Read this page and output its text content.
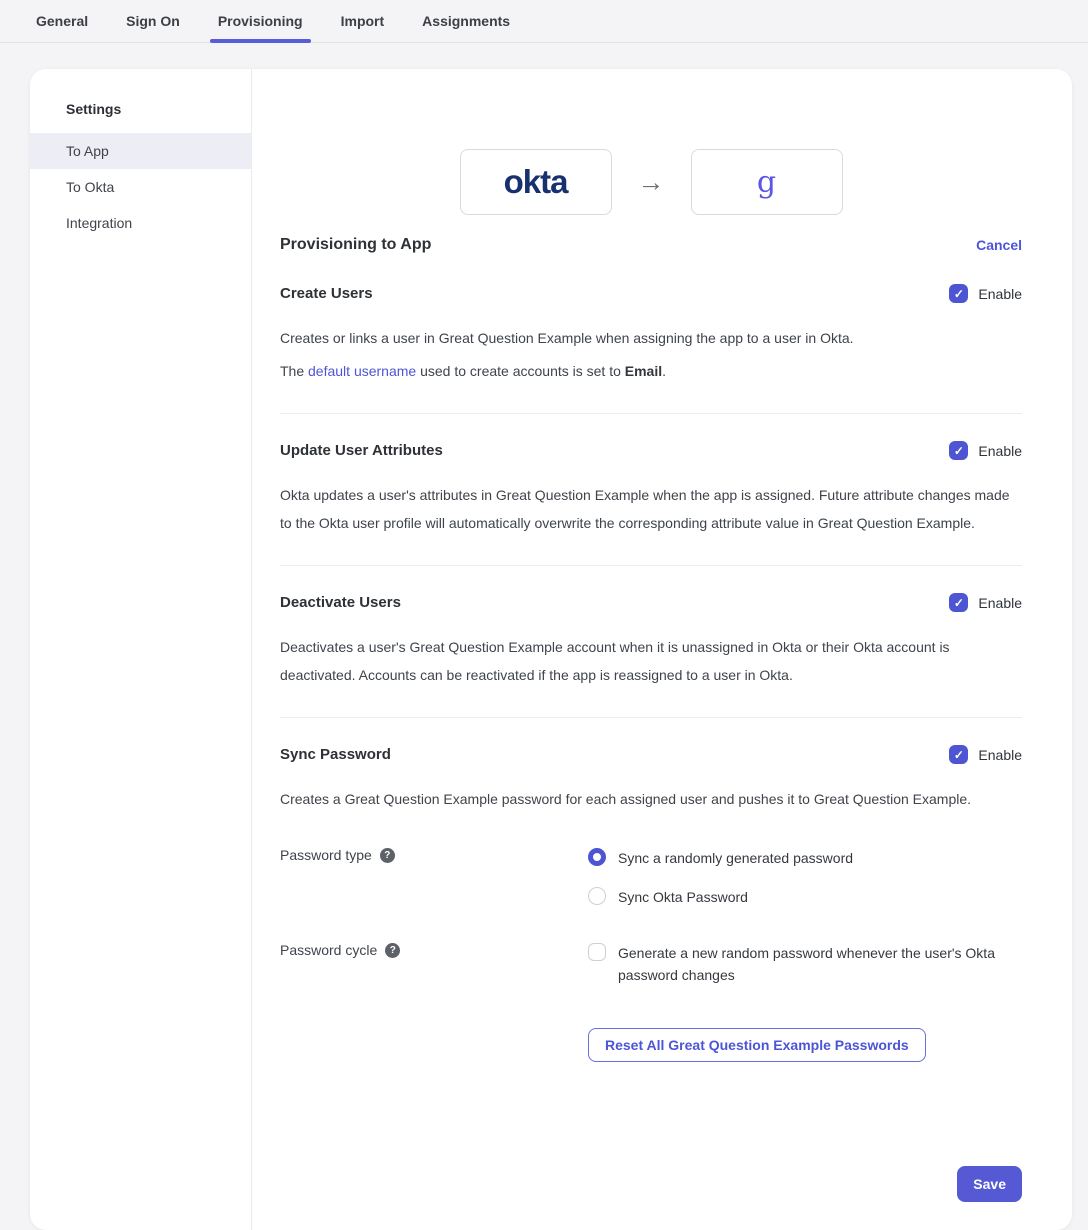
General	Sign On	Provisioning	Import	Assignments
Settings
To App
To Okta
Integration
okta	→	g
Provisioning to App	Cancel
Create Users	✓ Enable

Creates or links a user in Great Question Example when assigning the app to a user in Okta.

The default username used to create accounts is set to Email.

Update User Attributes	✓ Enable

Okta updates a user's attributes in Great Question Example when the app is assigned. Future attribute changes made to the Okta user profile will automatically overwrite the corresponding attribute value in Great Question Example.

Deactivate Users	✓ Enable

Deactivates a user's Great Question Example account when it is unassigned in Okta or their Okta account is deactivated. Accounts can be reactivated if the app is reassigned to a user in Okta.

Sync Password	✓ Enable

Creates a Great Question Example password for each assigned user and pushes it to Great Question Example.

Password type	?	Sync a randomly generated password
Sync Okta Password
Password cycle	?	Generate a new random password whenever the user's Okta password changes
Reset All Great Question Example Passwords
Save
